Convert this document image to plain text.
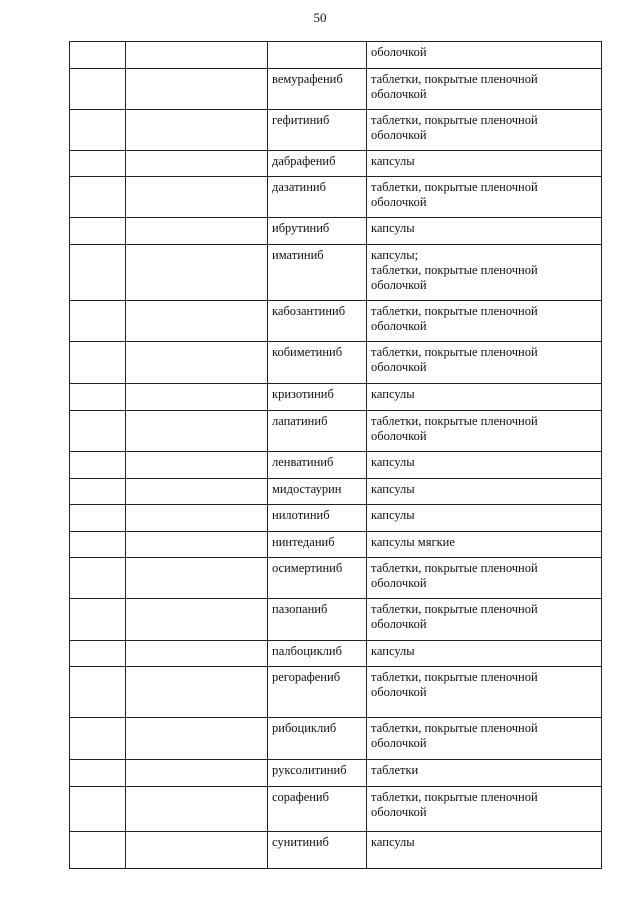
50

			оболочкой

		вемурафениб	таблетки, покрытые пленочной
оболочкой

		гефитиниб	таблетки, покрытые пленочной
оболочкой

		дабрафениб	капсулы

		дазатиниб	таблетки, покрытые пленочной
оболочкой

		ибрутиниб	капсулы

		иматиниб	капсулы;
таблетки, покрытые пленочной
оболочкой

		кабозантиниб	таблетки, покрытые пленочной
оболочкой

		кобиметиниб	таблетки, покрытые пленочной
оболочкой

		кризотиниб	капсулы

		лапатиниб	таблетки, покрытые пленочной
оболочкой

		ленватиниб	капсулы

		мидостаурин	капсулы

		нилотиниб	капсулы

		нинтеданиб	капсулы мягкие

		осимертиниб	таблетки, покрытые пленочной
оболочкой

		пазопаниб	таблетки, покрытые пленочной
оболочкой

		палбоциклиб	капсулы

		регорафениб	таблетки, покрытые пленочной
оболочкой

		рибоциклиб	таблетки, покрытые пленочной
оболочкой

		руксолитиниб	таблетки

		сорафениб	таблетки, покрытые пленочной
оболочкой

		сунитиниб	капсулы
